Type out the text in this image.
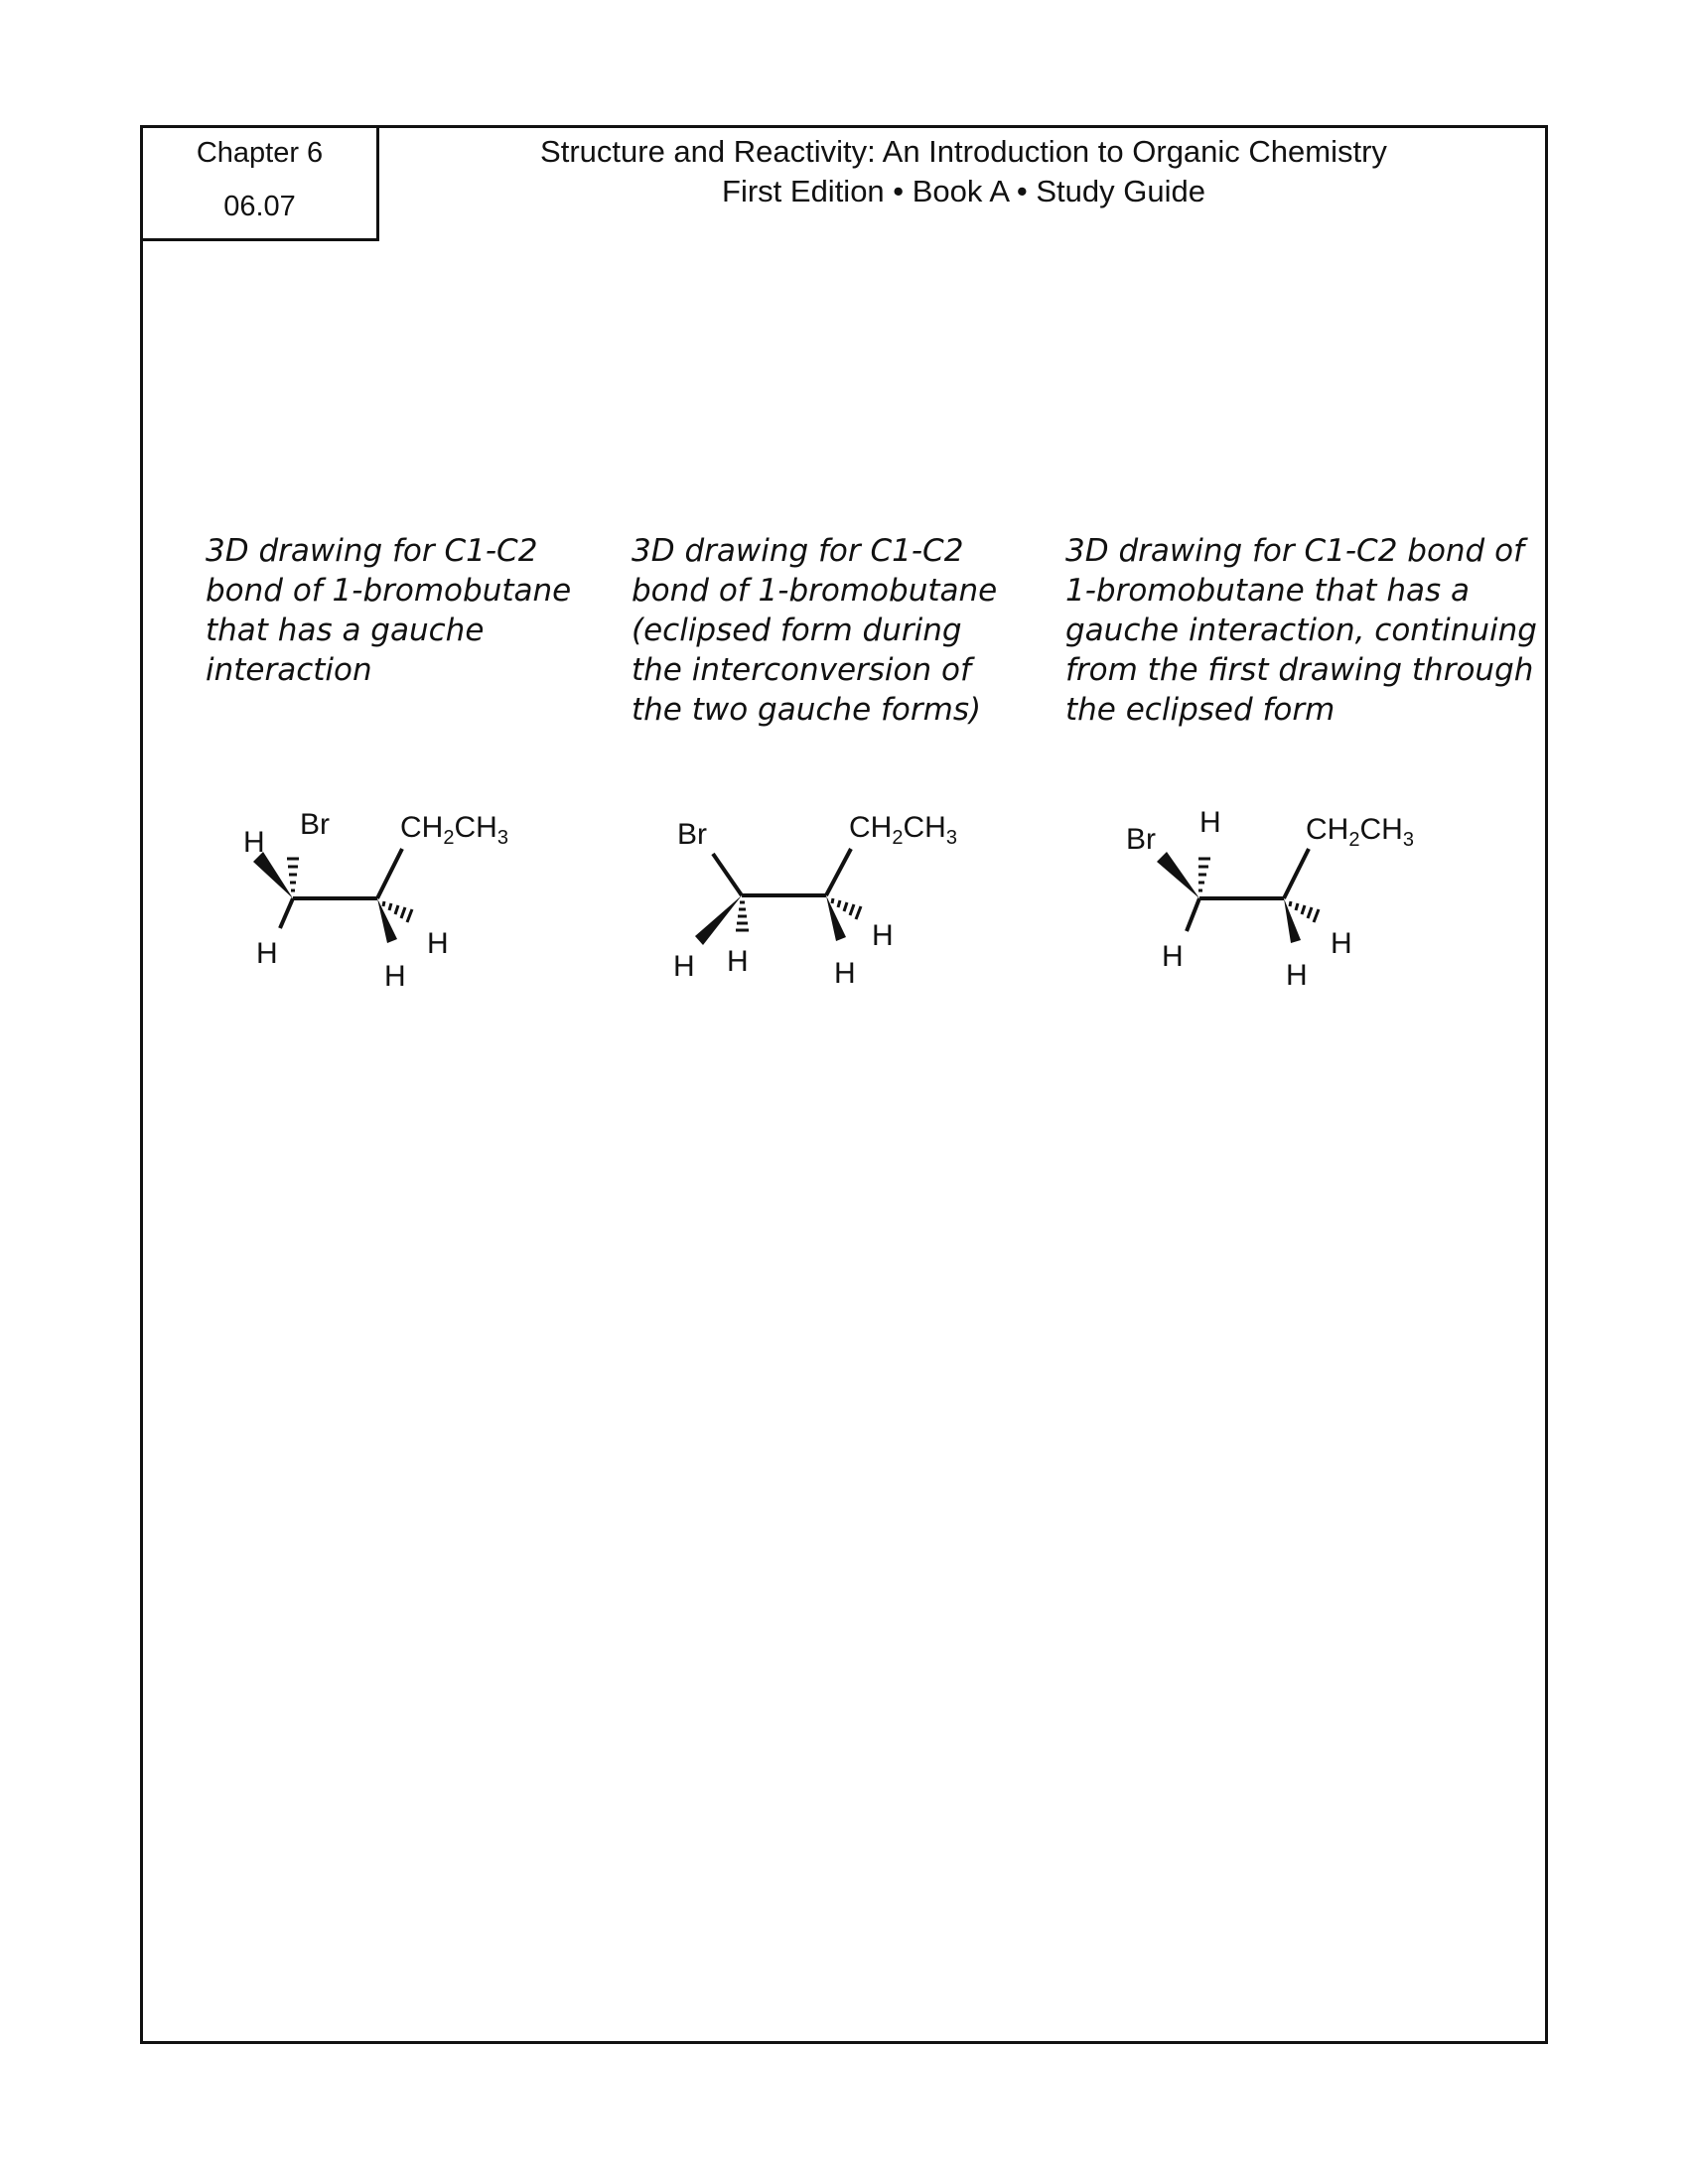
Chapter 6
06.07
Structure and Reactivity: An Introduction to Organic Chemistry
First Edition • Book A • Study Guide
3D drawing for C1-C2
bond of 1-bromobutane
that has a gauche
interaction
3D drawing for C1-C2
bond of 1-bromobutane
(eclipsed form during
the interconversion of
the two gauche forms)
3D drawing for C1-C2 bond of
1-bromobutane that has a
gauche interaction, continuing
from the first drawing through
the eclipsed form
H
Br
H
H
H
$CH_2CH_3$	Br
H H	H
H
$CH_2CH_3$	Br
H
H
H
H
$CH_2CH_3$
